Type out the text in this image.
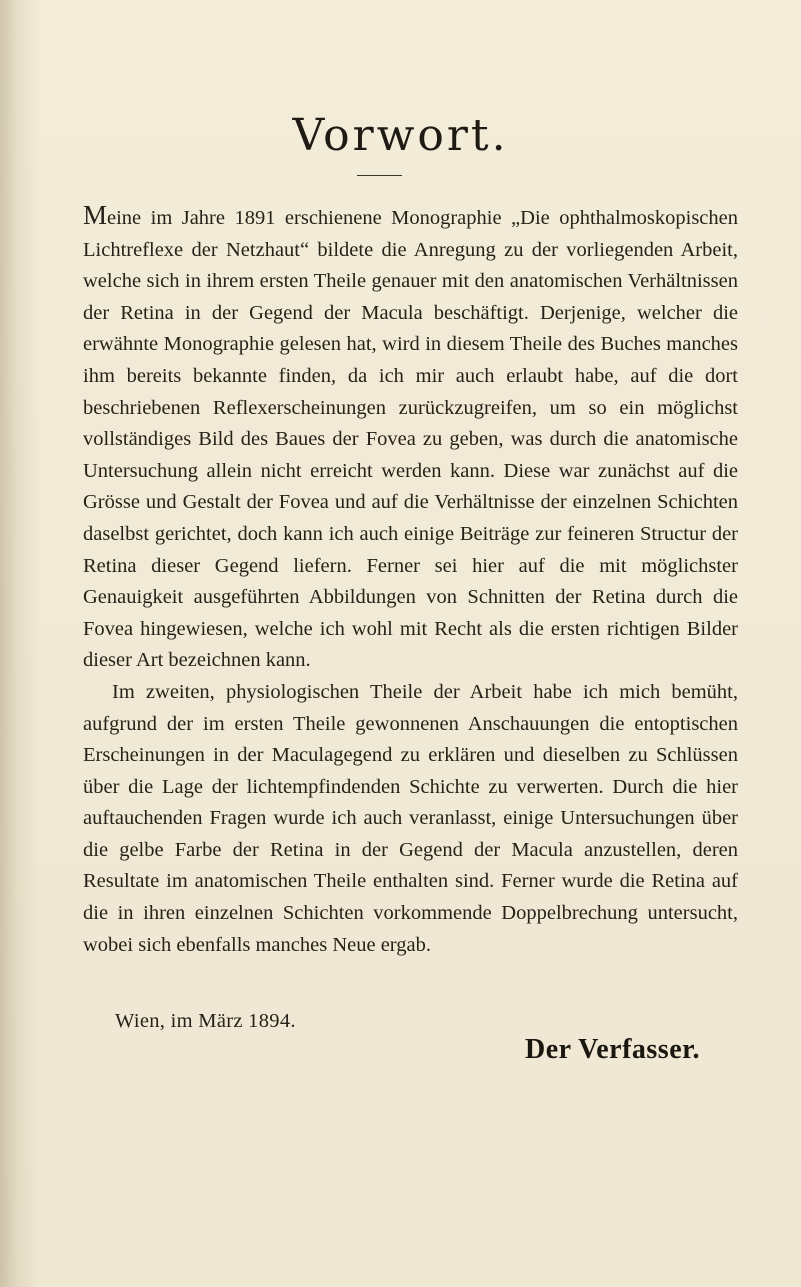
Vorwort.

Meine im Jahre 1891 erschienene Monographie „Die ophthalmoskopischen Lichtreflexe der Netzhaut“ bildete die Anregung zu der vorliegenden Arbeit, welche sich in ihrem ersten Theile genauer mit den anatomischen Verhältnissen der Retina in der Gegend der Macula beschäftigt. Derjenige, welcher die erwähnte Monographie gelesen hat, wird in diesem Theile des Buches manches ihm bereits bekannte finden, da ich mir auch erlaubt habe, auf die dort beschriebenen Reflexerscheinungen zurückzugreifen, um so ein möglichst vollständiges Bild des Baues der Fovea zu geben, was durch die anatomische Untersuchung allein nicht erreicht werden kann. Diese war zunächst auf die Grösse und Gestalt der Fovea und auf die Verhältnisse der einzelnen Schichten daselbst gerichtet, doch kann ich auch einige Beiträge zur feineren Structur der Retina dieser Gegend liefern. Ferner sei hier auf die mit möglichster Genauigkeit ausgeführten Abbildungen von Schnitten der Retina durch die Fovea hingewiesen, welche ich wohl mit Recht als die ersten richtigen Bilder dieser Art bezeichnen kann.

Im zweiten, physiologischen Theile der Arbeit habe ich mich bemüht, aufgrund der im ersten Theile gewonnenen Anschauungen die entoptischen Erscheinungen in der Maculagegend zu erklären und dieselben zu Schlüssen über die Lage der lichtempfindenden Schichte zu verwerten. Durch die hier auftauchenden Fragen wurde ich auch veranlasst, einige Untersuchungen über die gelbe Farbe der Retina in der Gegend der Macula anzustellen, deren Resultate im anatomischen Theile enthalten sind. Ferner wurde die Retina auf die in ihren einzelnen Schichten vorkommende Doppelbrechung untersucht, wobei sich ebenfalls manches Neue ergab.

Wien, im März 1894.
Der Verfasser.
